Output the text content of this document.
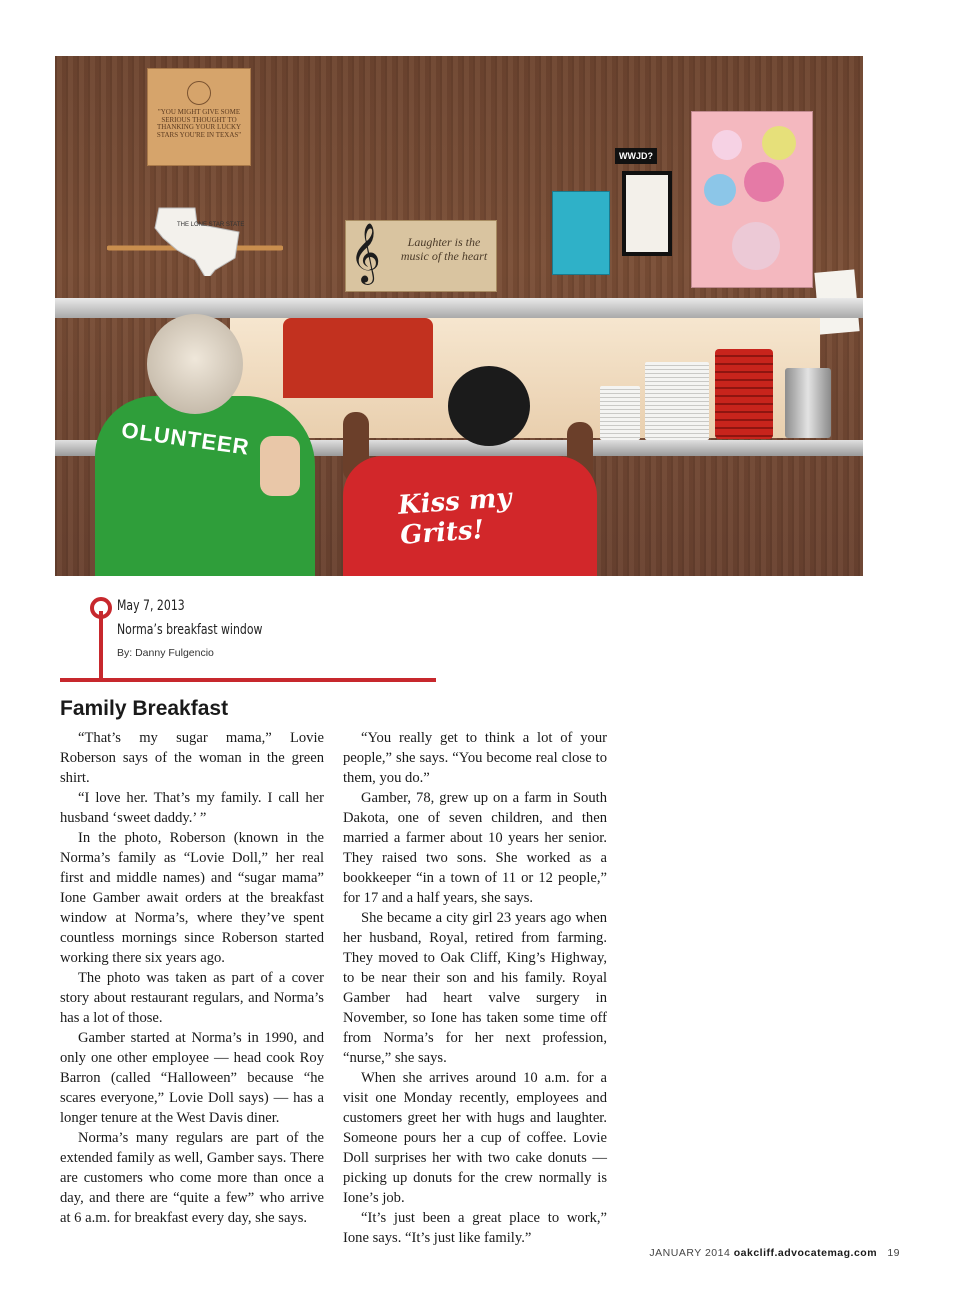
"YOU MIGHT GIVE SOME SERIOUS THOUGHT TO THANKING YOUR LUCKY STARS YOU'RE IN TEXAS"
THE LONE STAR STATE 𝄞	Laughter is the music of the heart
WWJD?
OLUNTEER
Kiss my Grits!
May 7, 2013
Norma’s breakfast window
By: Danny Fulgencio
Family Breakfast

“That’s my sugar mama,” Lovie Roberson says of the woman in the green shirt.

“I love her. That’s my family. I call her husband ‘sweet daddy.’ ”

In the photo, Roberson (known in the Norma’s family as “Lovie Doll,” her real first and middle names) and “sugar mama” Ione Gamber await orders at the breakfast window at Norma’s, where they’ve spent countless mornings since Roberson started working there six years ago.

The photo was taken as part of a cover story about restaurant regulars, and Norma’s has a lot of those.

Gamber started at Norma’s in 1990, and only one other employee — head cook Roy Barron (called “Halloween” because “he scares everyone,” Lovie Doll says) — has a longer tenure at the West Davis diner.

Norma’s many regulars are part of the extended family as well, Gamber says. There are customers who come more than once a day, and there are “quite a few” who arrive at 6 a.m. for breakfast every day, she says.

“You really get to think a lot of your people,” she says. “You become real close to them, you do.”

Gamber, 78, grew up on a farm in South Dakota, one of seven children, and then married a farmer about 10 years her senior. They raised two sons. She worked as a bookkeeper “in a town of 11 or 12 people,” for 17 and a half years, she says.

She became a city girl 23 years ago when her husband, Royal, retired from farming. They moved to Oak Cliff, King’s Highway, to be near their son and his family. Royal Gamber had heart valve surgery in November, so Ione has taken some time off from Norma’s for her next profession, “nurse,” she says.

When she arrives around 10 a.m. for a visit one Monday recently, employees and customers greet her with hugs and laughter. Someone pours her a cup of coffee. Lovie Doll surprises her with two cake donuts — picking up donuts for the crew normally is Ione’s job.

“It’s just been a great place to work,” Ione says. “It’s just like family.”

JANUARY 2014 oakcliff.advocatemag.com 19
